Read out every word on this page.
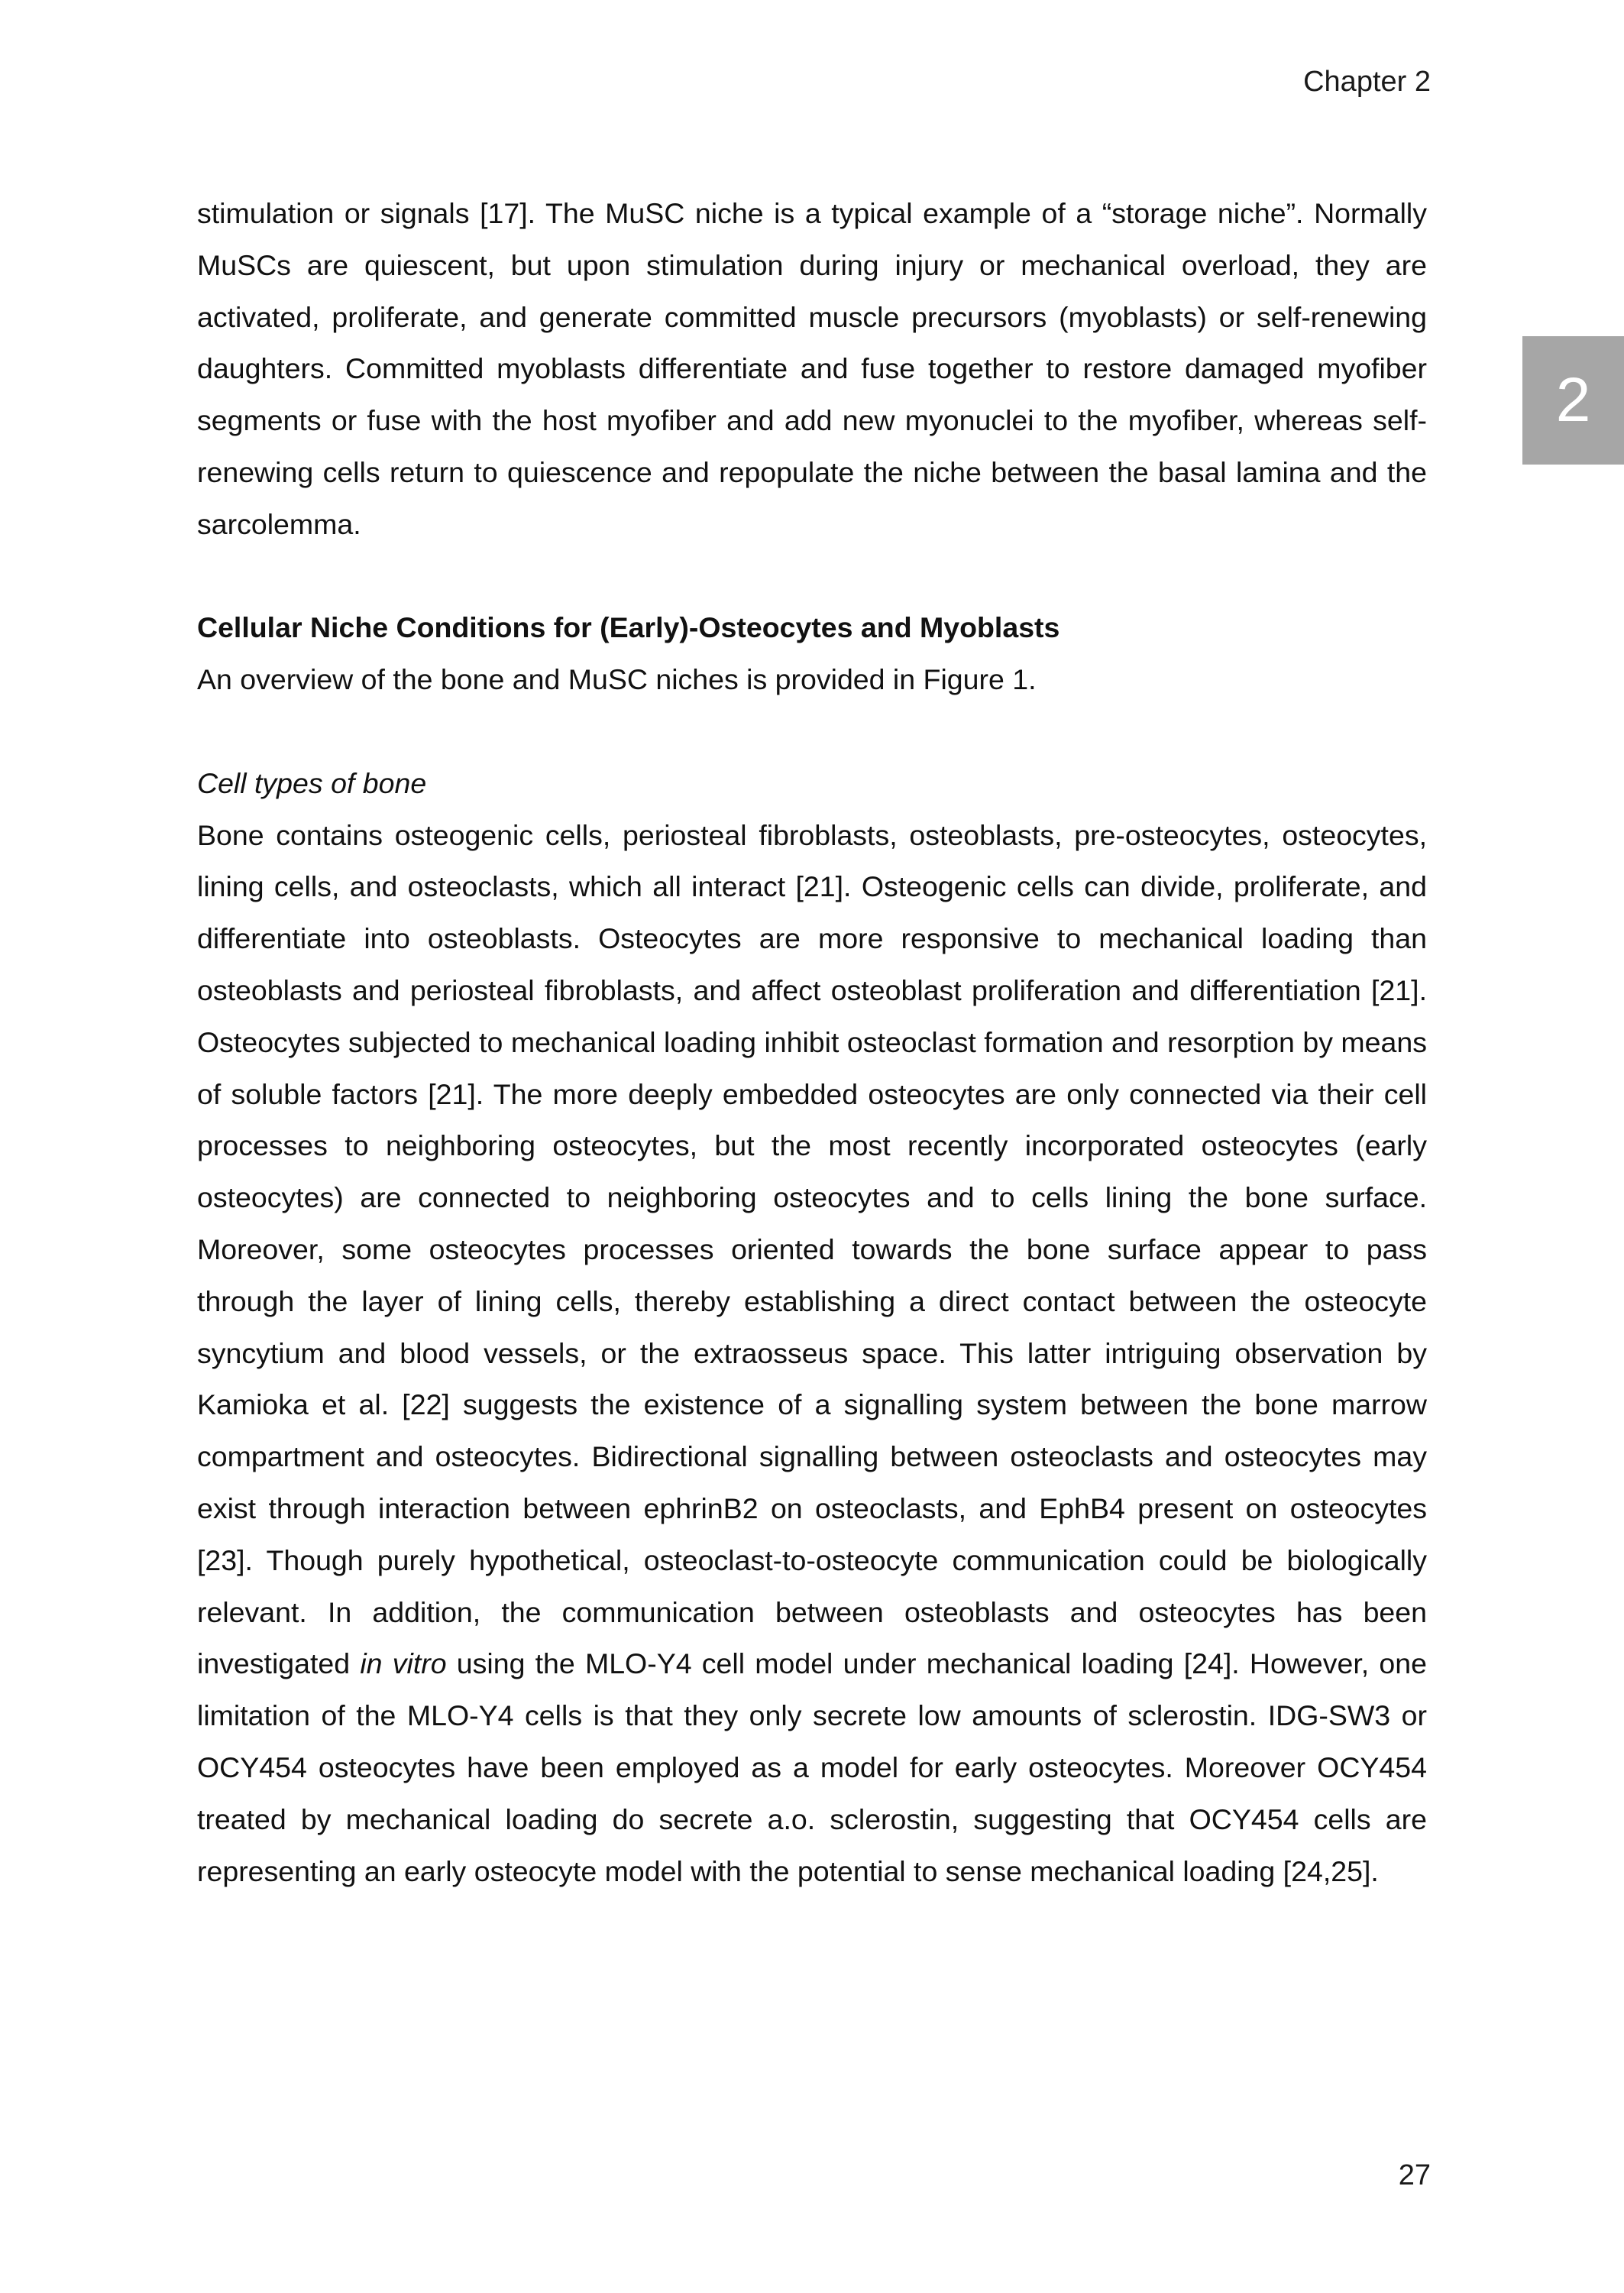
Chapter 2
2

stimulation or signals [17]. The MuSC niche is a typical example of a “storage niche”. Normally MuSCs are quiescent, but upon stimulation during injury or mechanical overload, they are activated, proliferate, and generate committed muscle precursors (myoblasts) or self-renewing daughters. Committed myoblasts differentiate and fuse together to restore damaged myofiber segments or fuse with the host myofiber and add new myonuclei to the myofiber, whereas self-renewing cells return to quiescence and repopulate the niche between the basal lamina and the sarcolemma.

Cellular Niche Conditions for (Early)-Osteocytes and Myoblasts

An overview of the bone and MuSC niches is provided in Figure 1.

Cell types of bone

Bone contains osteogenic cells, periosteal fibroblasts, osteoblasts, pre-osteocytes, osteocytes, lining cells, and osteoclasts, which all interact [21]. Osteogenic cells can divide, proliferate, and differentiate into osteoblasts. Osteocytes are more responsive to mechanical loading than osteoblasts and periosteal fibroblasts, and affect osteoblast proliferation and differentiation [21]. Osteocytes subjected to mechanical loading inhibit osteoclast formation and resorption by means of soluble factors [21]. The more deeply embedded osteocytes are only connected via their cell processes to neighboring osteocytes, but the most recently incorporated osteocytes (early osteocytes) are connected to neighboring osteocytes and to cells lining the bone surface. Moreover, some osteocytes processes oriented towards the bone surface appear to pass through the layer of lining cells, thereby establishing a direct contact between the osteocyte syncytium and blood vessels, or the extraosseus space. This latter intriguing observation by Kamioka et al. [22] suggests the existence of a signalling system between the bone marrow compartment and osteocytes. Bidirectional signalling between osteoclasts and osteocytes may exist through interaction between ephrinB2 on osteoclasts, and EphB4 present on osteocytes [23]. Though purely hypothetical, osteoclast-to-osteocyte communication could be biologically relevant. In addition, the communication between osteoblasts and osteocytes has been investigated in vitro using the MLO-Y4 cell model under mechanical loading [24]. However, one limitation of the MLO-Y4 cells is that they only secrete low amounts of sclerostin. IDG-SW3 or OCY454 osteocytes have been employed as a model for early osteocytes. Moreover OCY454 treated by mechanical loading do secrete a.o. sclerostin, suggesting that OCY454 cells are representing an early osteocyte model with the potential to sense mechanical loading [24,25].

27
